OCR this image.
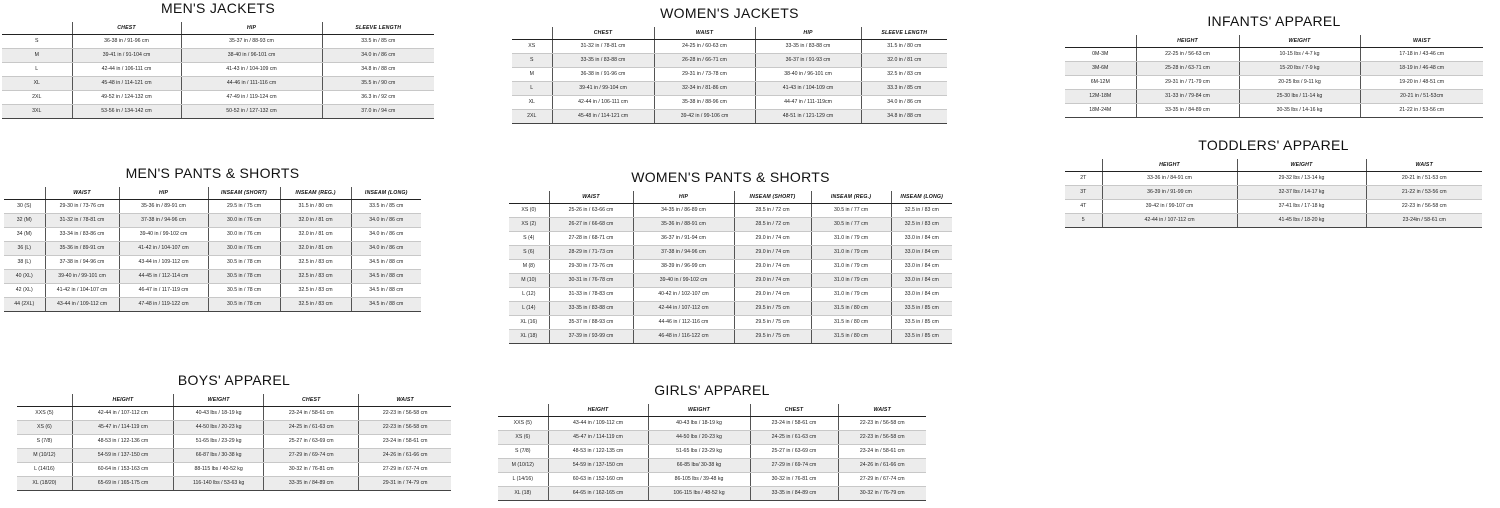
MEN'S JACKETS
	CHEST	HIP	SLEEVE LENGTH
S	36-38 in / 91-96 cm	35-37 in / 88-93 cm	33.5 in / 85 cm
M	39-41 in / 91-104 cm	38-40 in / 96-101 cm	34.0 in / 86 cm
L	42-44 in / 106-111 cm	41-43 in / 104-109 cm	34.8 in / 88 cm
XL	45-48 in / 114-121 cm	44-46 in / 111-116 cm	35.5 in / 90 cm
2XL	49-52 in / 124-132 cm	47-49 in / 119-124 cm	36.3 in / 92 cm
3XL	53-56 in / 134-142 cm	50-52 in / 127-132 cm	37.0 in / 94 cm
WOMEN'S JACKETS
	CHEST	WAIST	HIP	SLEEVE LENGTH
XS	31-32 in / 78-81 cm	24-25 in / 60-63 cm	33-35 in / 83-88 cm	31.5 in / 80 cm
S	33-35 in / 83-88 cm	26-28 in / 66-71 cm	36-37 in / 91-93 cm	32.0 in / 81 cm
M	36-38 in / 91-96 cm	29-31 in / 73-78 cm	38-40 in / 96-101 cm	32.5 in / 83 cm
L	39-41 in / 99-104 cm	32-34 in / 81-86 cm	41-43 in / 104-109 cm	33.3 in / 85 cm
XL	42-44 in / 106-111 cm	35-38 in / 88-96 cm	44-47 in / 111-119cm	34.0 in / 86 cm
2XL	45-48 in / 114-121 cm	39-42 in / 99-106 cm	48-51 in / 121-129 cm	34.8 in / 88 cm
INFANTS' APPAREL
	HEIGHT	WEIGHT	WAIST
0M-3M	22-25 in / 56-63 cm	10-15 lbs / 4-7 kg	17-18 in / 43-46 cm
3M-6M	25-28 in / 63-71 cm	15-20 lbs / 7-9 kg	18-19 in / 46-48 cm
6M-12M	29-31 in / 71-79 cm	20-25 lbs / 9-11 kg	19-20 in / 48-51 cm
12M-18M	31-33 in / 79-84 cm	25-30 lbs / 11-14 kg	20-21 in / 51-53cm
18M-24M	33-35 in / 84-89 cm	30-35 lbs / 14-16 kg	21-22 in / 53-56 cm
TODDLERS' APPAREL
	HEIGHT	WEIGHT	WAIST
2T	33-36 in / 84-91 cm	29-32 lbs / 13-14 kg	20-21 in / 51-53 cm
3T	36-39 in / 91-99 cm	32-37 lbs / 14-17 kg	21-22 in / 53-56 cm
4T	39-42 in / 99-107 cm	37-41 lbs / 17-18 kg	22-23 in / 56-58 cm
5	42-44 in / 107-112 cm	41-45 lbs / 18-20 kg	23-24in / 58-61 cm
MEN'S PANTS & SHORTS
	WAIST	HIP	INSEAM (SHORT)	INSEAM (REG.)	INSEAM (LONG)
30 (S)	29-30 in / 73-76 cm	35-36 in / 89-91 cm	29.5 in / 75 cm	31.5 in / 80 cm	33.5 in / 85 cm
32 (M)	31-32 in / 78-81 cm	37-38 in / 94-96 cm	30.0 in / 76 cm	32.0 in / 81 cm	34.0 in / 86 cm
34 (M)	33-34 in / 83-86 cm	39-40 in / 99-102 cm	30.0 in / 76 cm	32.0 in / 81 cm	34.0 in / 86 cm
36 (L)	35-36 in / 89-91 cm	41-42 in / 104-107 cm	30.0 in / 76 cm	32.0 in / 81 cm	34.0 in / 86 cm
38 (L)	37-38 in / 94-96 cm	43-44 in / 109-112 cm	30.5 in / 78 cm	32.5 in / 83 cm	34.5 in / 88 cm
40 (XL)	39-40 in / 99-101 cm	44-45 in / 112-114 cm	30.5 in / 78 cm	32.5 in / 83 cm	34.5 in / 88 cm
42 (XL)	41-42 in / 104-107 cm	46-47 in / 117-119 cm	30.5 in / 78 cm	32.5 in / 83 cm	34.5 in / 88 cm
44 (2XL)	43-44 in / 109-112 cm	47-48 in / 119-122 cm	30.5 in / 78 cm	32.5 in / 83 cm	34.5 in / 88 cm
WOMEN'S PANTS & SHORTS
	WAIST	HIP	INSEAM (SHORT)	INSEAM (REG.)	INSEAM (LONG)
XS (0)	25-26 in / 63-66 cm	34-35 in / 86-89 cm	28.5 in / 72 cm	30.5 in / 77 cm	32.5 in / 83 cm
XS (2)	26-27 in / 66-68 cm	35-36 in / 88-91 cm	28.5 in / 72 cm	30.5 in / 77 cm	32.5 in / 83 cm
S (4)	27-28 in / 68-71 cm	36-37 in / 91-94 cm	29.0 in / 74 cm	31.0 in / 79 cm	33.0 in / 84 cm
S (6)	28-29 in / 71-73 cm	37-38 in / 94-96 cm	29.0 in / 74 cm	31.0 in / 79 cm	33.0 in / 84 cm
M (8)	29-30 in / 73-76 cm	38-39 in / 96-99 cm	29.0 in / 74 cm	31.0 in / 79 cm	33.0 in / 84 cm
M (10)	30-31 in / 76-78 cm	39-40 in / 99-102 cm	29.0 in / 74 cm	31.0 in / 79 cm	33.0 in / 84 cm
L (12)	31-33 in / 78-83 cm	40-42 in / 102-107 cm	29.0 in / 74 cm	31.0 in / 79 cm	33.0 in / 84 cm
L (14)	33-35 in / 83-88 cm	42-44 in / 107-112 cm	29.5 in / 75 cm	31.5 in / 80 cm	33.5 in / 85 cm
XL (16)	35-37 in / 88-93 cm	44-46 in / 112-116 cm	29.5 in / 75 cm	31.5 in / 80 cm	33.5 in / 85 cm
XL (18)	37-39 in / 93-99 cm	46-48 in / 116-122 cm	29.5 in / 75 cm	31.5 in / 80 cm	33.5 in / 85 cm
BOYS' APPAREL
	HEIGHT	WEIGHT	CHEST	WAIST
XXS (5)	42-44 in / 107-112 cm	40-43 lbs / 18-19 kg	23-24 in / 58-61 cm	22-23 in / 56-58 cm
XS (6)	45-47 in / 114-119 cm	44-50 lbs / 20-23 kg	24-25 in / 61-63 cm	22-23 in / 56-58 cm
S (7/8)	48-53 in / 122-136 cm	51-65 lbs / 23-29 kg	25-27 in / 63-69 cm	23-24 in / 58-61 cm
M (10/12)	54-59 in / 137-150 cm	66-87 lbs / 30-38 kg	27-29 in / 69-74 cm	24-26 in / 61-66 cm
L (14/16)	60-64 in / 153-163 cm	88-115 lbs / 40-52 kg	30-32 in / 76-81 cm	27-29 in / 67-74 cm
XL (18/20)	65-69 in / 165-175 cm	116-140 lbs / 53-63 kg	33-35 in / 84-89 cm	29-31 in / 74-79 cm
GIRLS' APPAREL
	HEIGHT	WEIGHT	CHEST	WAIST
XXS (5)	43-44 in / 109-112 cm	40-43 lbs / 18-19 kg	23-24 in / 58-61 cm	22-23 in / 56-58 cm
XS (6)	45-47 in / 114-119 cm	44-50 lbs / 20-23 kg	24-25 in / 61-63 cm	22-23 in / 56-58 cm
S (7/8)	48-53 in / 122-135 cm	51-65 lbs / 23-29 kg	25-27 in / 63-69 cm	23-24 in / 58-61 cm
M (10/12)	54-59 in / 137-150 cm	66-85 lbs/ 30-38 kg	27-29 in / 69-74 cm	24-26 in / 61-66 cm
L (14/16)	60-63 in / 152-160 cm	86-105 lbs / 39-48 kg	30-32 in / 76-81 cm	27-29 in / 67-74 cm
XL (18)	64-65 in / 162-165 cm	106-115 lbs / 48-52 kg	33-35 in / 84-89 cm	30-32 in / 76-79 cm
